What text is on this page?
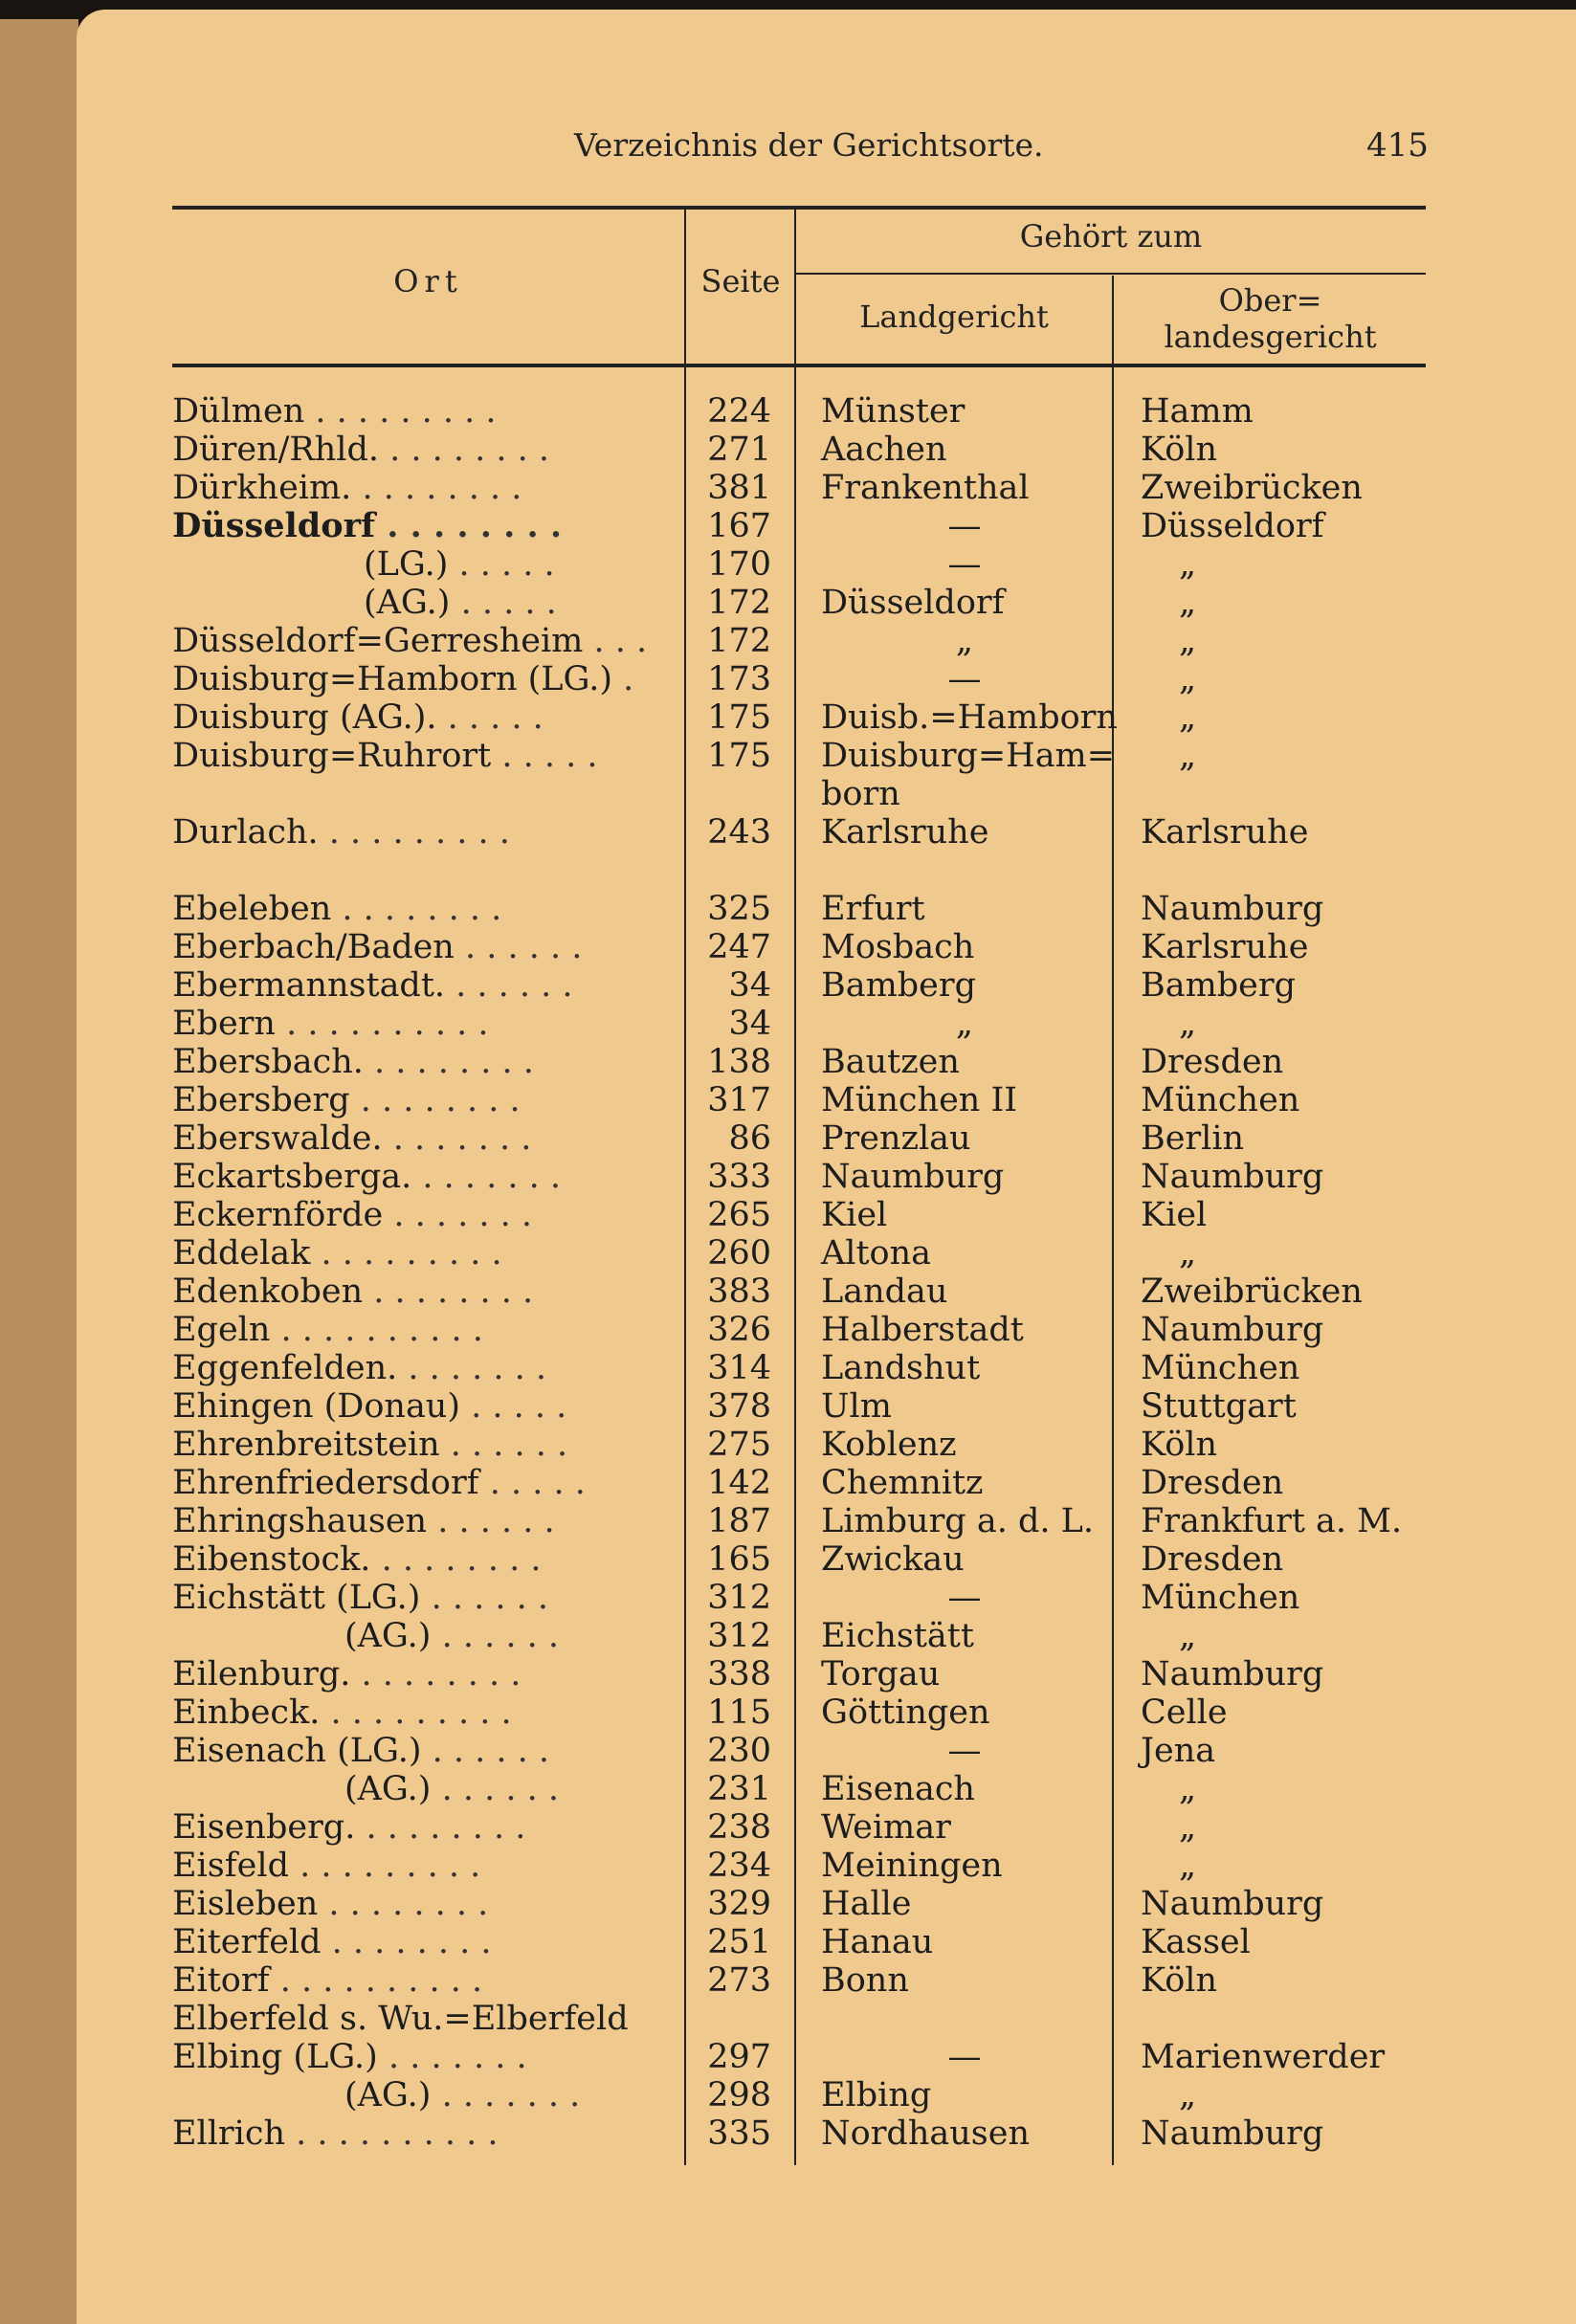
Verzeichnis der Gerichtsorte.	415
Ort	Seite
Gehört zum
Landgericht	Ober=
landesgericht
Dülmen . . . . . . . . .	224 Münster	Hamm
Düren/Rhld. . . . . . . . .	271 Aachen	Köln
Dürkheim. . . . . . . . .	381 Frankenthal	Zweibrücken
Düsseldorf . . . . . . . .	167	—	Düsseldorf
(LG.) . . . . .	170	—	„
(AG.) . . . . .	172 Düsseldorf	„
Düsseldorf=Gerresheim . . .	172	„	„
Duisburg=Hamborn (LG.) .	173	—	„
Duisburg (AG.). . . . . .	175 Duisb.=Hamborn	„
Duisburg=Ruhrort . . . . .	175 Duisburg=Ham=	„
born
Durlach. . . . . . . . . .	243 Karlsruhe	Karlsruhe
Ebeleben . . . . . . . .	325 Erfurt	Naumburg
Eberbach/Baden . . . . . .	247 Mosbach	Karlsruhe
Ebermannstadt. . . . . . .	34 Bamberg	Bamberg
Ebern . . . . . . . . . .	34	„	„
Ebersbach. . . . . . . . .	138 Bautzen	Dresden
Ebersberg . . . . . . . .	317 München II	München
Eberswalde. . . . . . . .	86 Prenzlau	Berlin
Eckartsberga. . . . . . . .	333 Naumburg	Naumburg
Eckernförde . . . . . . .	265 Kiel	Kiel
Eddelak . . . . . . . . .	260 Altona	„
Edenkoben . . . . . . . .	383 Landau	Zweibrücken
Egeln . . . . . . . . . .	326 Halberstadt	Naumburg
Eggenfelden. . . . . . . .	314 Landshut	München
Ehingen (Donau) . . . . .	378 Ulm	Stuttgart
Ehrenbreitstein . . . . . .	275 Koblenz	Köln
Ehrenfriedersdorf . . . . .	142 Chemnitz	Dresden
Ehringshausen . . . . . .	187 Limburg a. d. L.	Frankfurt a. M.
Eibenstock. . . . . . . . .	165 Zwickau	Dresden
Eichstätt (LG.) . . . . . .	312	—	München
(AG.) . . . . . .	312 Eichstätt	„
Eilenburg. . . . . . . . .	338 Torgau	Naumburg
Einbeck. . . . . . . . . .	115 Göttingen	Celle
Eisenach (LG.) . . . . . .	230	—	Jena
(AG.) . . . . . .	231 Eisenach	„
Eisenberg. . . . . . . . .	238 Weimar	„
Eisfeld . . . . . . . . .	234 Meiningen	„
Eisleben . . . . . . . .	329 Halle	Naumburg
Eiterfeld . . . . . . . .	251 Hanau	Kassel
Eitorf . . . . . . . . . .	273 Bonn	Köln
Elberfeld s. Wu.=Elberfeld
Elbing (LG.) . . . . . . .	297	—	Marienwerder
(AG.) . . . . . . .	298 Elbing	„
Ellrich . . . . . . . . . .	335 Nordhausen	Naumburg
